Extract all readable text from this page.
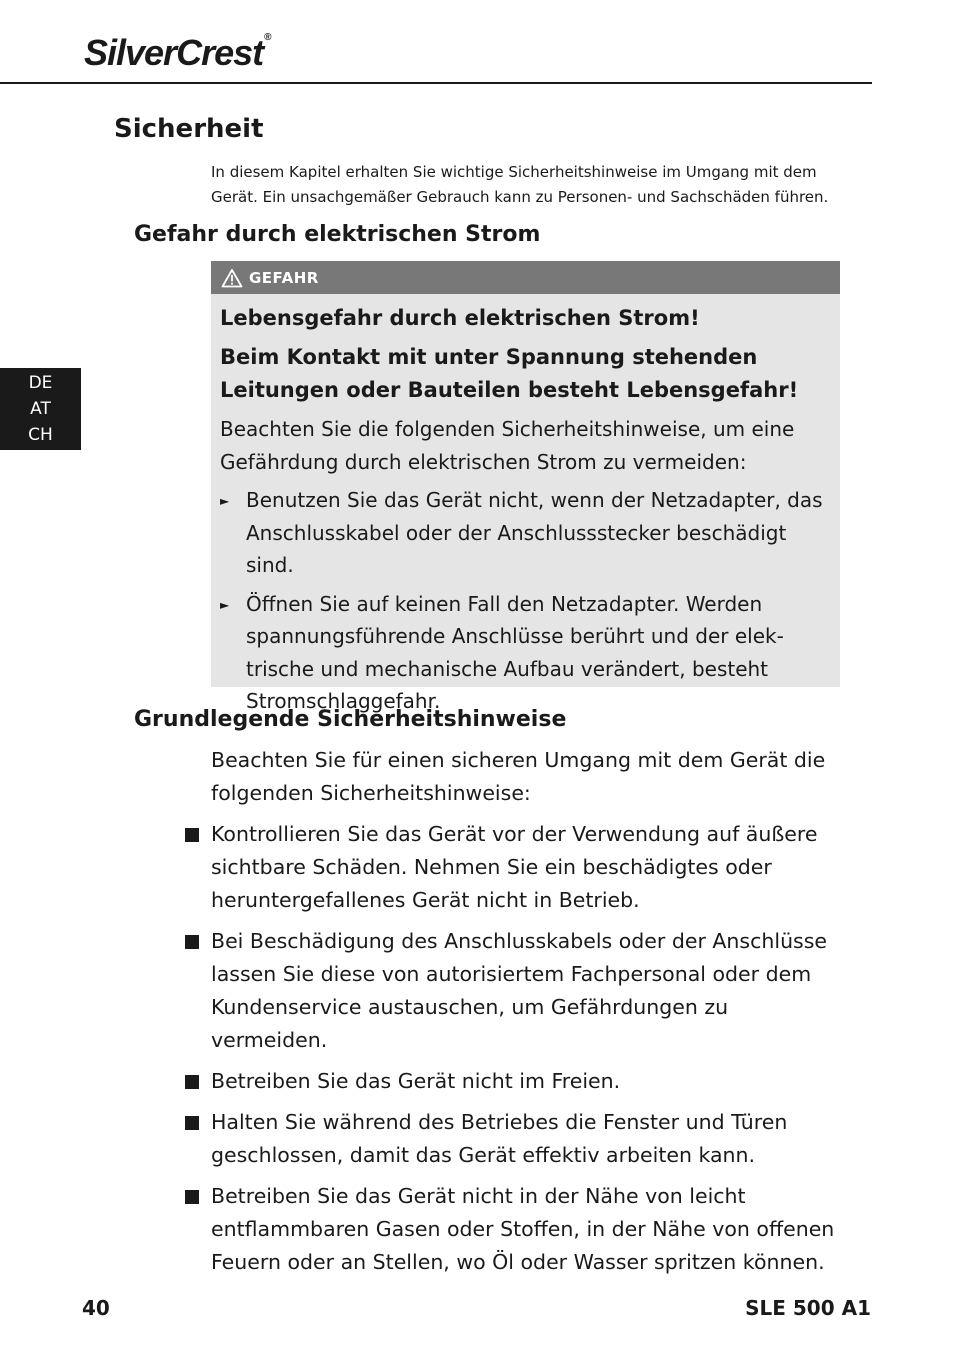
SilverCrest®
Sicherheit

In diesem Kapitel erhalten Sie wichtige Sicherheitshinweise im Umgang mit dem Gerät. Ein unsachgemäßer Gebrauch kann zu Personen- und Sachschäden führen.

Gefahr durch elektrischen Strom
DE
AT
CH
GEFAHR

Lebensgefahr durch elektrischen Strom!

Beim Kontakt mit unter Spannung stehenden Leitungen oder Bauteilen besteht Lebensgefahr!

Beachten Sie die folgenden Sicherheitshinweise, um eine Gefährdung durch elektrischen Strom zu vermeiden:

► Benutzen Sie das Gerät nicht, wenn der Netzadapter, das Anschlusskabel oder der Anschlussstecker beschädigt sind.
► Öffnen Sie auf keinen Fall den Netzadapter. Werden spannungsführende Anschlüsse berührt und der elektrische und mechanische Aufbau verändert, besteht Stromschlaggefahr.
Grundlegende Sicherheitshinweise

Beachten Sie für einen sicheren Umgang mit dem Gerät die folgenden Sicherheitshinweise:

Kontrollieren Sie das Gerät vor der Verwendung auf äußere sichtbare Schäden. Nehmen Sie ein beschädigtes oder heruntergefallenes Gerät nicht in Betrieb.
Bei Beschädigung des Anschlusskabels oder der Anschlüsse lassen Sie diese von autorisiertem Fachpersonal oder dem Kundenservice austauschen, um Gefährdungen zu vermeiden.
Betreiben Sie das Gerät nicht im Freien.
Halten Sie während des Betriebes die Fenster und Türen geschlossen, damit das Gerät effektiv arbeiten kann.
Betreiben Sie das Gerät nicht in der Nähe von leicht entflammbaren Gasen oder Stoffen, in der Nähe von offenen Feuern oder an Stellen, wo Öl oder Wasser spritzen können.
40	SLE 500 A1
